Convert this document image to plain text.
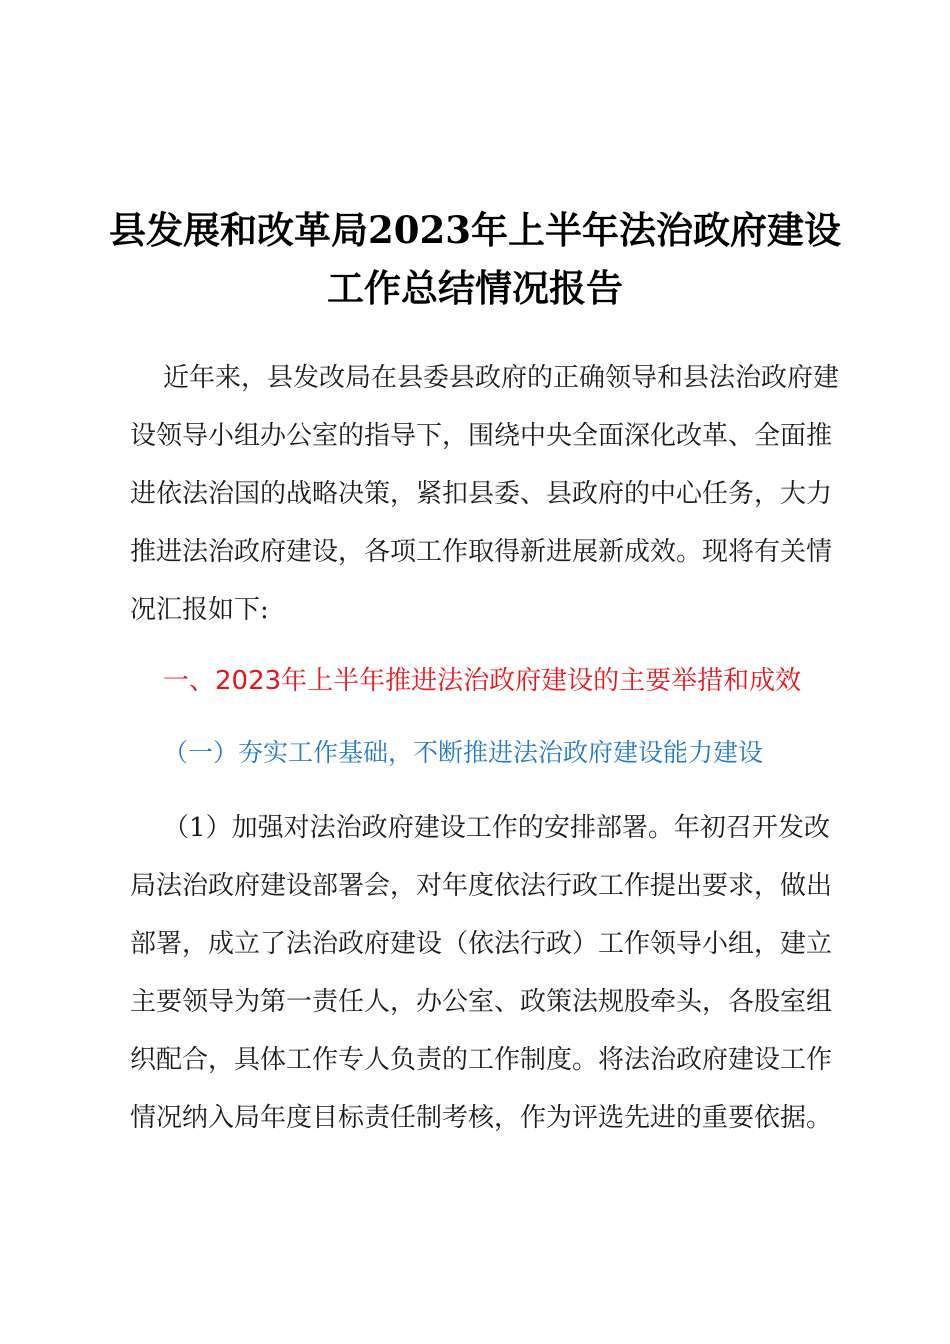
县发展和改革局2023年上半年法治政府建设
工作总结情况报告
近年来，县发改局在县委县政府的正确领导和县法治政府建
设领导小组办公室的指导下，围绕中央全面深化改革、全面推
进依法治国的战略决策，紧扣县委、县政府的中心任务，大力
推进法治政府建设，各项工作取得新进展新成效。现将有关情
况汇报如下:
一、2023年上半年推进法治政府建设的主要举措和成效
（一）夯实工作基础，不断推进法治政府建设能力建设
（1）加强对法治政府建设工作的安排部署。年初召开发改
局法治政府建设部署会，对年度依法行政工作提出要求，做出
部署，成立了法治政府建设（依法行政）工作领导小组，建立
主要领导为第一责任人，办公室、政策法规股牵头，各股室组
织配合，具体工作专人负责的工作制度。将法治政府建设工作
情况纳入局年度目标责任制考核，作为评选先进的重要依据。
